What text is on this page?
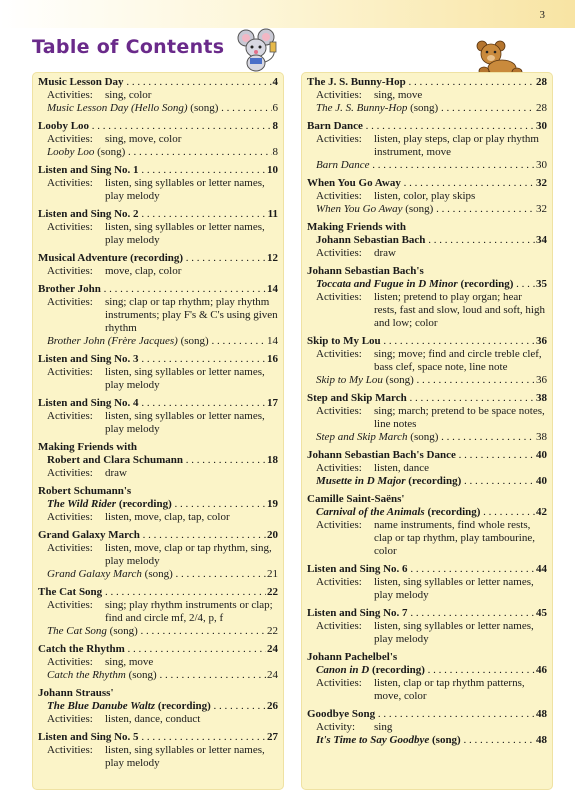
3
Table of Contents
Music Lesson Day . . .	4
Activities:	sing, color
Music Lesson Day (Hello Song) (song) . . .	6
Looby Loo . . .	8
Activities:	sing, move, color
Looby Loo (song) . . .	8
Listen and Sing No. 1 . . .	10
Activities:	listen, sing syllables or letter names, play melody
Listen and Sing No. 2 . . .	11
Activities:	listen, sing syllables or letter names, play melody
Musical Adventure (recording) . . .	12
Activities:	move, clap, color
Brother John . . .	14
Activities:	sing; clap or tap rhythm; play rhythm instruments; play F's & C's using given rhythm
Brother John (Frère Jacques) (song) . . .	14
Listen and Sing No. 3 . . .	16
Activities:	listen, sing syllables or letter names, play melody
Listen and Sing No. 4 . . .	17
Activities:	listen, sing syllables or letter names, play melody
Making Friends with
Robert and Clara Schumann . . .	18
Activities:	draw
Robert Schumann's
The Wild Rider (recording) . . .	19
Activities:	listen, move, clap, tap, color
Grand Galaxy March . . .	20
Activities:	listen, move, clap or tap rhythm, sing, play melody
Grand Galaxy March (song) . . .	21
The Cat Song . . .	22
Activities:	sing; play rhythm instruments or clap; find and circle mf, 2/4, p, f
The Cat Song (song) . . .	22
Catch the Rhythm . . .	24
Activities:	sing, move
Catch the Rhythm (song) . . .	24
Johann Strauss'
The Blue Danube Waltz (recording) . . .	26
Activities:	listen, dance, conduct
Listen and Sing No. 5 . . .	27
Activities:	listen, sing syllables or letter names, play melody
The J. S. Bunny-Hop . . .	28
Activities:	sing, move
The J. S. Bunny-Hop (song) . . .	28
Barn Dance . . .	30
Activities:	listen, play steps, clap or play rhythm instrument, move
Barn Dance . . .	30
When You Go Away . . .	32
Activities:	listen, color, play skips
When You Go Away (song) . . .	32
Making Friends with
Johann Sebastian Bach . . .	34
Activities:	draw
Johann Sebastian Bach's
Toccata and Fugue in D Minor (recording) . . .	35
Activities:	listen; pretend to play organ; hear rests, fast and slow, loud and soft, high and low; color
Skip to My Lou . . .	36
Activities:	sing; move; find and circle treble clef, bass clef, space note, line note
Skip to My Lou (song) . . .	36
Step and Skip March . . .	38
Activities:	sing; march; pretend to be space notes, line notes
Step and Skip March (song) . . .	38
Johann Sebastian Bach's Dance . . .	40
Activities:	listen, dance
Musette in D Major (recording) . . .	40
Camille Saint-Saëns'
Carnival of the Animals (recording) . . .	42
Activities:	name instruments, find whole rests, clap or tap rhythm, play tambourine, color
Listen and Sing No. 6 . . .	44
Activities:	listen, sing syllables or letter names, play melody
Listen and Sing No. 7 . . .	45
Activities:	listen, sing syllables or letter names, play melody
Johann Pachelbel's
Canon in D (recording) . . .	46
Activities:	listen, clap or tap rhythm patterns, move, color
Goodbye Song . . .	48
Activity:	sing
It's Time to Say Goodbye (song) . . .	48
